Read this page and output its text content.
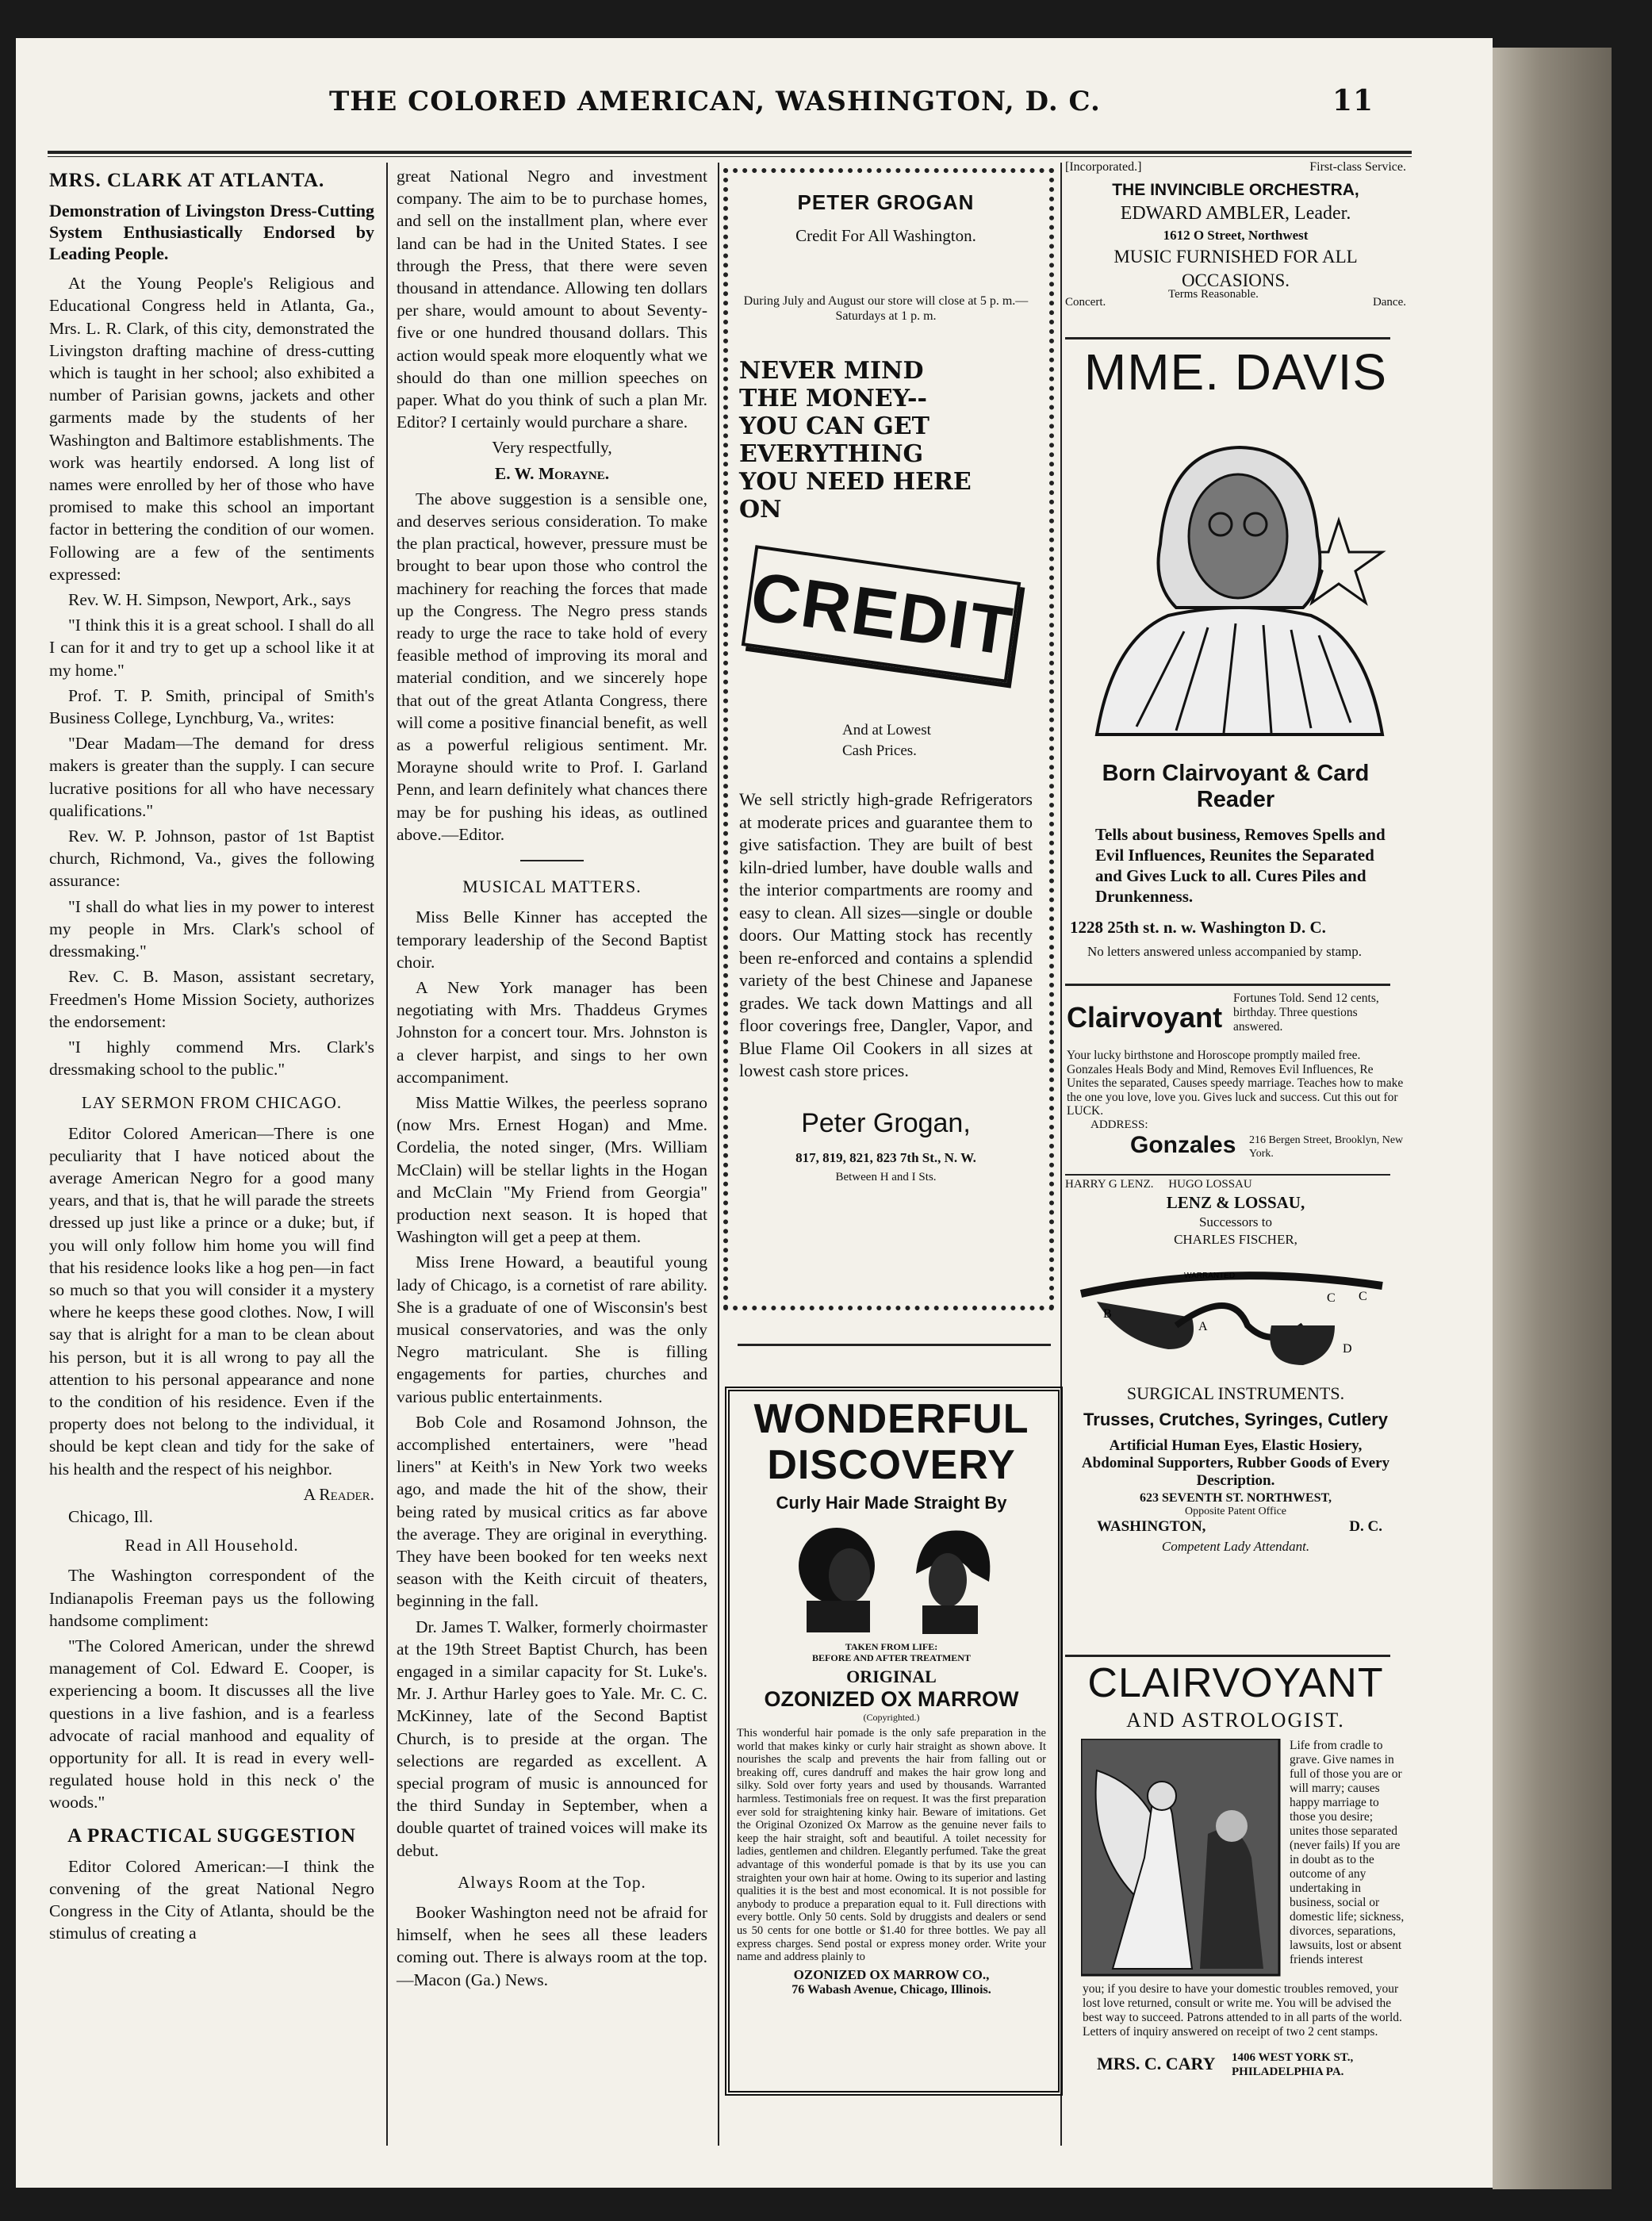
THE COLORED AMERICAN, WASHINGTON, D. C.	11
MRS. CLARK AT ATLANTA.
Demonstration of Livingston Dress-Cutting System Enthusiastically Endorsed by Leading People.

At the Young People's Religious and Educational Congress held in Atlanta, Ga., Mrs. L. R. Clark, of this city, demonstrated the Livingston drafting machine of dress-cutting which is taught in her school; also exhibited a number of Parisian gowns, jackets and other garments made by the students of her Washington and Baltimore establishments. The work was heartily endorsed. A long list of names were enrolled by her of those who have promised to make this school an important factor in bettering the condition of our women. Following are a few of the sentiments expressed:

Rev. W. H. Simpson, Newport, Ark., says

"I think this it is a great school. I shall do all I can for it and try to get up a school like it at my home."

Prof. T. P. Smith, principal of Smith's Business College, Lynchburg, Va., writes:

"Dear Madam—The demand for dress makers is greater than the supply. I can secure lucrative positions for all who have necessary qualifications."

Rev. W. P. Johnson, pastor of 1st Baptist church, Richmond, Va., gives the following assurance:

"I shall do what lies in my power to interest my people in Mrs. Clark's school of dressmaking."

Rev. C. B. Mason, assistant secretary, Freedmen's Home Mission Society, authorizes the endorsement:

"I highly commend Mrs. Clark's dressmaking school to the public."

LAY SERMON FROM CHICAGO.

Editor Colored American—There is one peculiarity that I have noticed about the average American Negro for a good many years, and that is, that he will parade the streets dressed up just like a prince or a duke; but, if you will only follow him home you will find that his residence looks like a hog pen—in fact so much so that you will consider it a mystery where he keeps these good clothes. Now, I will say that is alright for a man to be clean about his person, but it is all wrong to pay all the attention to his personal appearance and none to the condition of his residence. Even if the property does not belong to the individual, it should be kept clean and tidy for the sake of his health and the respect of his neighbor.

A Reader.

Chicago, Ill.

Read in All Household.

The Washington correspondent of the Indianapolis Freeman pays us the following handsome compliment:

"The Colored American, under the shrewd management of Col. Edward E. Cooper, is experiencing a boom. It discusses all the live questions in a live fashion, and is a fearless advocate of racial manhood and equality of opportunity for all. It is read in every well-regulated house hold in this neck o' the woods."

A PRACTICAL SUGGESTION

Editor Colored American:—I think the convening of the great National Negro Congress in the City of Atlanta, should be the stimulus of creating a

great National Negro and investment company. The aim to be to purchase homes, and sell on the installment plan, where ever land can be had in the United States. I see through the Press, that there were seven thousand in attendance. Allowing ten dollars per share, would amount to about Seventy-five or one hundred thousand dollars. This action would speak more eloquently what we should do than one million speeches on paper. What do you think of such a plan Mr. Editor? I certainly would purchare a share.

Very respectfully,

E. W. Morayne.

The above suggestion is a sensible one, and deserves serious consideration. To make the plan practical, however, pressure must be brought to bear upon those who control the machinery for reaching the forces that made up the Congress. The Negro press stands ready to urge the race to take hold of every feasible method of improving its moral and material condition, and we sincerely hope that out of the great Atlanta Congress, there will come a positive financial benefit, as well as a powerful religious sentiment. Mr. Morayne should write to Prof. I. Garland Penn, and learn definitely what chances there may be for pushing his ideas, as outlined above.—Editor.

MUSICAL MATTERS.

Miss Belle Kinner has accepted the temporary leadership of the Second Baptist choir.

A New York manager has been negotiating with Mrs. Thaddeus Grymes Johnston for a concert tour. Mrs. Johnston is a clever harpist, and sings to her own accompaniment.

Miss Mattie Wilkes, the peerless soprano (now Mrs. Ernest Hogan) and Mme. Cordelia, the noted singer, (Mrs. William McClain) will be stellar lights in the Hogan and McClain "My Friend from Georgia" production next season. It is hoped that Washington will get a peep at them.

Miss Irene Howard, a beautiful young lady of Chicago, is a cornetist of rare ability. She is a graduate of one of Wisconsin's best musical conservatories, and was the only Negro matriculant. She is filling engagements for parties, churches and various public entertainments.

Bob Cole and Rosamond Johnson, the accomplished entertainers, were "head liners" at Keith's in New York two weeks ago, and made the hit of the show, their being rated by musical critics as far above the average. They are original in everything. They have been booked for ten weeks next season with the Keith circuit of theaters, beginning in the fall.

Dr. James T. Walker, formerly choirmaster at the 19th Street Baptist Church, has been engaged in a similar capacity for St. Luke's. Mr. J. Arthur Harley goes to Yale. Mr. C. C. McKinney, late of the Second Baptist Church, is to preside at the organ. The selections are regarded as excellent. A special program of music is announced for the third Sunday in September, when a double quartet of trained voices will make its debut.

Always Room at the Top.

Booker Washington need not be afraid for himself, when he sees all these leaders coming out. There is always room at the top.—Macon (Ga.) News.

PETER GROGAN
Credit For All Washington.
During July and August our store will close at 5 p. m.—Saturdays at 1 p. m.
NEVER MIND THE MONEY-- YOU CAN GET EVERYTHING YOU NEED HERE ON
CREDIT
And at Lowest Cash Prices.
We sell strictly high-grade Refrigerators at moderate prices and guarantee them to give satisfaction. They are built of best kiln-dried lumber, have double walls and the interior compartments are roomy and easy to clean. All sizes—single or double doors. Our Matting stock has recently been re-enforced and contains a splendid variety of the best Chinese and Japanese grades. We tack down Mattings and all floor coverings free, Dangler, Vapor, and Blue Flame Oil Cookers in all sizes at lowest cash store prices.
Peter Grogan,
817, 819, 821, 823 7th St., N. W.
Between H and I Sts.
WONDERFUL
DISCOVERY
Curly Hair Made Straight By
TAKEN FROM LIFE:
BEFORE AND AFTER TREATMENT
ORIGINAL
OZONIZED OX MARROW
(Copyrighted.)
This wonderful hair pomade is the only safe preparation in the world that makes kinky or curly hair straight as shown above. It nourishes the scalp and prevents the hair from falling out or breaking off, cures dandruff and makes the hair grow long and silky. Sold over forty years and used by thousands. Warranted harmless. Testimonials free on request. It was the first preparation ever sold for straightening kinky hair. Beware of imitations. Get the Original Ozonized Ox Marrow as the genuine never fails to keep the hair straight, soft and beautiful. A toilet necessity for ladies, gentlemen and children. Elegantly perfumed. Take the great advantage of this wonderful pomade is that by its use you can straighten your own hair at home. Owing to its superior and lasting qualities it is the best and most economical. It is not possible for anybody to produce a preparation equal to it. Full directions with every bottle. Only 50 cents. Sold by druggists and dealers or send us 50 cents for one bottle or $1.40 for three bottles. We pay all express charges. Send postal or express money order. Write your name and address plainly to
OZONIZED OX MARROW CO.,
76 Wabash Avenue, Chicago, Illinois.
[Incorporated.]	First-class Service.
THE INVINCIBLE ORCHESTRA,
EDWARD AMBLER, Leader.
1612 O Street, Northwest
MUSIC FURNISHED FOR ALL OCCASIONS.
Concert.
Terms Reasonable.
Dance.
MME. DAVIS
Born Clairvoyant & Card Reader
Tells about business, Removes Spells and Evil Influences, Reunites the Separated and Gives Luck to all. Cures Piles and Drunkenness.
1228 25th st. n. w. Washington D. C.
No letters answered unless accompanied by stamp.
Clairvoyant
Fortunes Told. Send 12 cents, birthday. Three questions answered.
Your lucky birthstone and Horoscope promptly mailed free. Gonzales Heals Body and Mind, Removes Evil Influences, Re Unites the separated, Causes speedy marriage. Teaches how to make the one you love, love you. Gives luck and success. Cut this out for LUCK.
ADDRESS:
Gonzales 216 Bergen Street, Brooklyn, New York.
HARRY G LENZ.     HUGO LOSSAU
LENZ & LOSSAU,
Successors to
CHARLES FISCHER,
WARRANTED
B
A
C C
D
SURGICAL INSTRUMENTS.
Trusses, Crutches, Syringes, Cutlery
Artificial Human Eyes, Elastic Hosiery, Abdominal Supporters, Rubber Goods of Every Description.
623 SEVENTH ST. NORTHWEST,
Opposite Patent Office
WASHINGTON,	D. C.
Competent Lady Attendant.
CLAIRVOYANT
AND ASTROLOGIST.
Life from cradle to grave. Give names in full of those you are or will marry; causes happy marriage to those you desire; unites those separated (never fails) If you are in doubt as to the outcome of any undertaking in business, social or domestic life; sickness, divorces, separations, lawsuits, lost or absent friends interest
you; if you desire to have your domestic troubles removed, your lost love returned, consult or write me. You will be advised the best way to succeed. Patrons attended to in all parts of the world. Letters of inquiry answered on receipt of two 2 cent stamps.
MRS. C. CARY 1406 WEST YORK ST., PHILADELPHIA PA.
